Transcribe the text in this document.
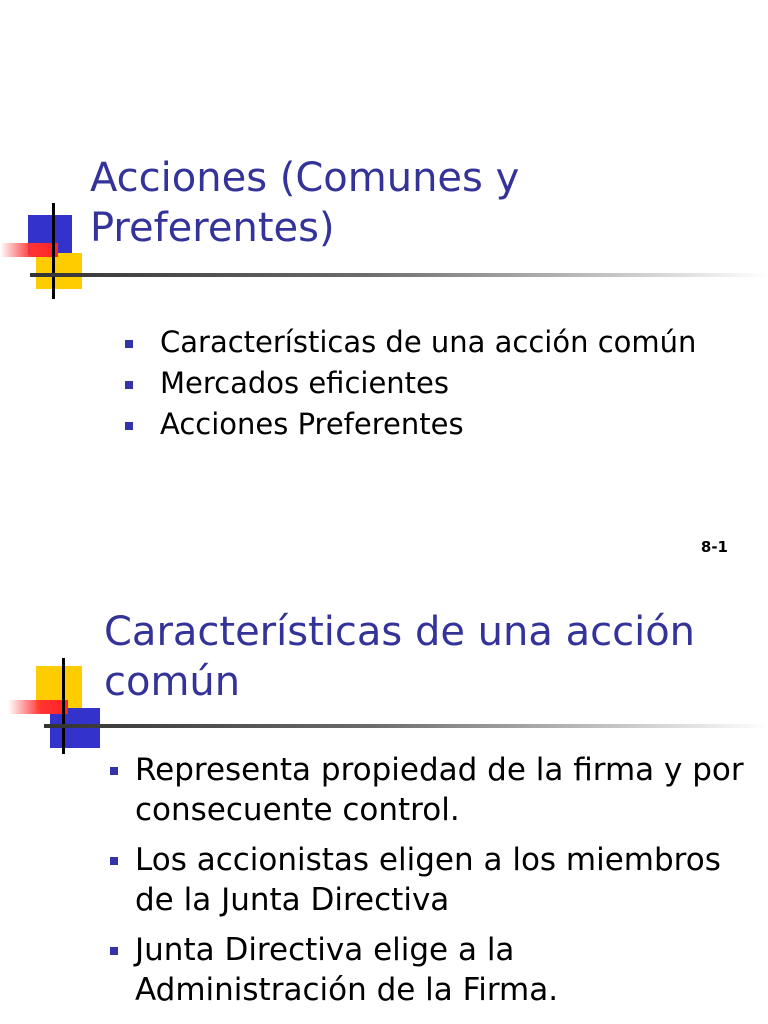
Acciones (Comunes y
Preferentes)
Características de una acción común
Mercados eficientes
Acciones Preferentes
8-1
Características de una acción
común
Representa propiedad de la firma y por consecuente control.
Los accionistas eligen a los miembros de la Junta Directiva
Junta Directiva elige a la Administración de la Firma.
